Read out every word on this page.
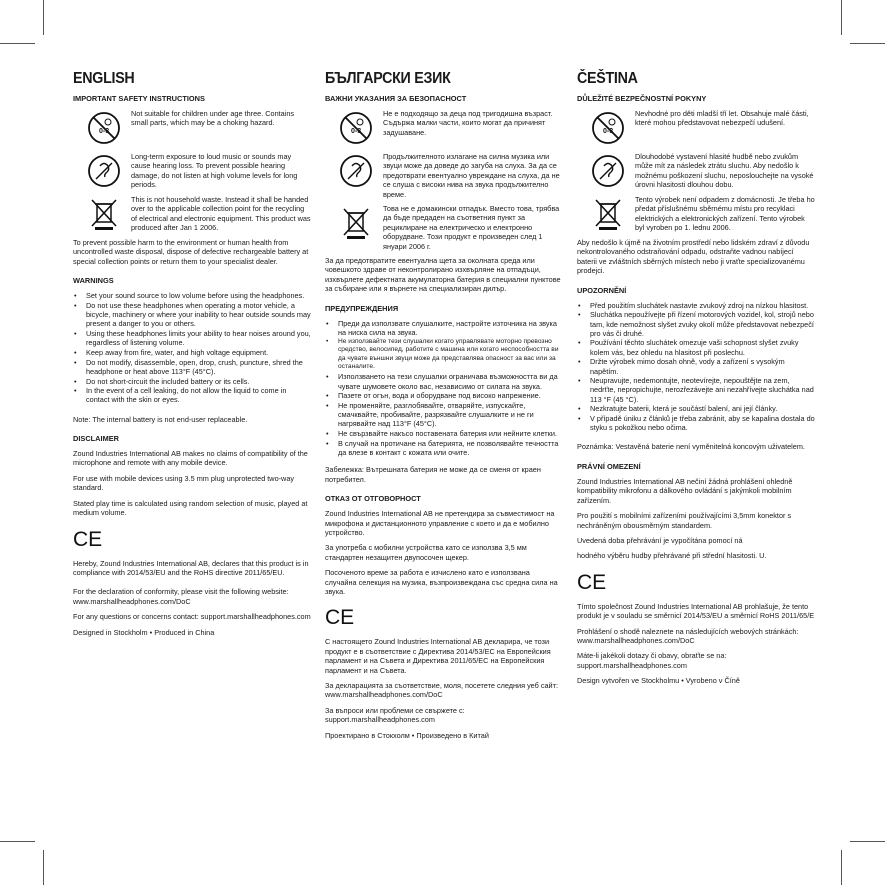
ENGLISH
IMPORTANT SAFETY INSTRUCTIONS
0-3
Not suitable for children under age three. Contains small parts, which may be a choking hazard.
Long-term exposure to loud music or sounds may cause hearing loss. To prevent possible hearing damage, do not listen at high volume levels for long periods.
This is not household waste. Instead it shall be handed over to the applicable collection point for the recycling of electrical and electronic equipment. This product was produced after Jan 1 2006.
To prevent possible harm to the environment or human health from uncontrolled waste disposal, dispose of defective rechargeable battery at special collection points or return them to your specialist dealer.
WARNINGS
• Set your sound source to low volume before using the headphones.
• Do not use these headphones when operating a motor vehicle, a bicycle, machinery or where your inability to hear outside sounds may present a danger to you or others.
• Using these headphones limits your ability to hear noises around you, regardless of listening volume.
• Keep away from fire, water, and high voltage equipment.
• Do not modify, disassemble, open, drop, crush, puncture, shred the headphone or heat above 113°F (45°C).
• Do not short-circuit the included battery or its cells.
• In the event of a cell leaking, do not allow the liquid to come in contact with the skin or eyes.
Note: The internal battery is not end-user replaceable.
DISCLAIMER
Zound Industries International AB makes no claims of compatibility of the microphone and remote with any mobile device.
For use with mobile devices using 3.5 mm plug unprotected two-way standard.
Stated play time is calculated using random selection of music, played at medium volume.
CE
Hereby, Zound Industries International AB, declares that this product is in compliance with 2014/53/EU and the RoHS directive 2011/65/EU.
For the declaration of conformity, please visit the following website: www.marshallheadphones.com/DoC
For any questions or concerns contact: support.marshallheadphones.com
Designed in Stockholm • Produced in China
БЪЛГАРСКИ ЕЗИК
ВАЖНИ УКАЗАНИЯ ЗА БЕЗОПАСНОСТ
0-3
Не е подходящо за деца под тригодишна възраст. Съдържа малки части, които могат да причинят задушаване.
Продължителното излагане на силна музика или звуци може да доведе до загуба на слуха. За да се предотврати евентуално увреждане на слуха, да не се слуша с високи нива на звука продължително време.
Това не е домакински отпадък. Вместо това, трябва да бъде предаден на съответния пункт за рециклиране на електрическо и електронно оборудване. Този продукт е произведен след 1 януари 2006 г.
За да предотвратите евентуална щета за околната среда или човешкото здраве от неконтролирано изхвърляне на отпадъци, изхвърлете дефектната акумулаторна батерия в специални пунктове за събиране или я върнете на специализиран дилър.
ПРЕДУПРЕЖДЕНИЯ
• Преди да използвате слушалките, настройте източника на звука на ниска сила на звука.
• Не използвайте тези слушалки когато управлявате моторно превозно средство, велосипед, работите с машина или когато неспособността ви да чувате външни звуци може да представлява опасност за вас или за останалите.
• Използването на тези слушалки ограничава възможността ви да чувате шумовете около вас, независимо от силата на звука.
• Пазете от огън, вода и оборудване под високо напрежение.
• Не променяйте, разглобявайте, отваряйте, изпускайте, смачквайте, пробивайте, разрязвайте слушалките и не ги нагрявайте над 113°F (45°C).
• Не свързвайте накъсо поставената батерия или нейните клетки.
• В случай на протичане на батерията, не позволявайте течността да влезе в контакт с кожата или очите.
Забележка: Вътрешната батерия не може да се сменя от краен потребител.
ОТКАЗ ОТ ОТГОВОРНОСТ
Zound Industries International AB не претендира за съвместимост на микрофона и дистанционното управление с което и да е мобилно устройство.
За употреба с мобилни устройства като се използва 3,5 мм стандартен незащитен двупосочен щекер.
Посоченото време за работа е изчислено като е използвана случайна селекция на музика, възпроизвеждана със средна сила на звука.
CE
С настоящето Zound Industries International AB декларира, че този продукт е в съответствие с Директива 2014/53/ЕС на Европейския парламент и на Съвета и Директива 2011/65/ЕС на Европейския парламент и на Съвета.
За декларацията за съответствие, моля, посетете следния уеб сайт: www.marshallheadphones.com/DoC
За въпроси или проблеми се свържете с: support.marshallheadphones.com
Проектирано в Стокхолм • Произведено в Китай
ČEŠTINA
DŮLEŽITÉ BEZPEČNOSTNÍ POKYNY
0-3
Nevhodné pro děti mladší tří let. Obsahuje malé části, které mohou představovat nebezpečí udušení.
Dlouhodobé vystavení hlasité hudbě nebo zvukům může mít za následek ztrátu sluchu. Aby nedošlo k možnému poškození sluchu, neposlouchejte na vysoké úrovni hlasitosti dlouhou dobu.
Tento výrobek není odpadem z domácnosti. Je třeba ho předat příslušnému sběrnému místu pro recyklaci elektrických a elektronických zařízení. Tento výrobek byl vyroben po 1. lednu 2006.
Aby nedošlo k újmě na životním prostředí nebo lidském zdraví z důvodu nekontrolovaného odstraňování odpadu, odstraňte vadnou nabíjecí baterii ve zvláštních sběrných místech nebo ji vraťte specializovanému prodejci.
UPOZORNĚNÍ
• Před použitím sluchátek nastavte zvukový zdroj na nízkou hlasitost.
• Sluchátka nepoužívejte při řízení motorových vozidel, kol, strojů nebo tam, kde nemožnost slyšet zvuky okolí může představovat nebezpečí pro vás či druhé.
• Používání těchto sluchátek omezuje vaši schopnost slyšet zvuky kolem vás, bez ohledu na hlasitost při poslechu.
• Držte výrobek mimo dosah ohně, vody a zařízení s vysokým napětím.
• Neupravujte, nedemontujte, neotevírejte, nepouštějte na zem, nedrťte, nepropichujte, nerozřezávejte ani nezahřívejte sluchátka nad 113 °F (45 °C).
• Nezkratujte baterii, která je součástí balení, ani její články.
• V případě úniku z článků je třeba zabránit, aby se kapalina dostala do styku s pokožkou nebo očima.
Poznámka: Vestavěná baterie není vyměnitelná koncovým uživatelem.
PRÁVNÍ OMEZENÍ
Zound Industries International AB nečiní žádná prohlášení ohledně kompatibility mikrofonu a dálkového ovládání s jakýmkoli mobilním zařízením.
Pro použití s mobilními zařízeními používajícími 3,5mm konektor s nechráněným obousměrným standardem.
Uvedená doba přehrávání je vypočítána pomocí ná
hodného výběru hudby přehrávané při střední hlasitosti. U.
CE
Tímto společnost Zound Industries International AB prohlašuje, že tento produkt je v souladu se směrnicí 2014/53/EU a směrnicí RoHS 2011/65/E
Prohlášení o shodě naleznete na následujících webových stránkách: www.marshallheadphones.com/DoC
Máte-li jakékoli dotazy či obavy, obraťte se na: support.marshallheadphones.com
Design vytvořen ve Stockholmu • Vyrobeno v Číně
